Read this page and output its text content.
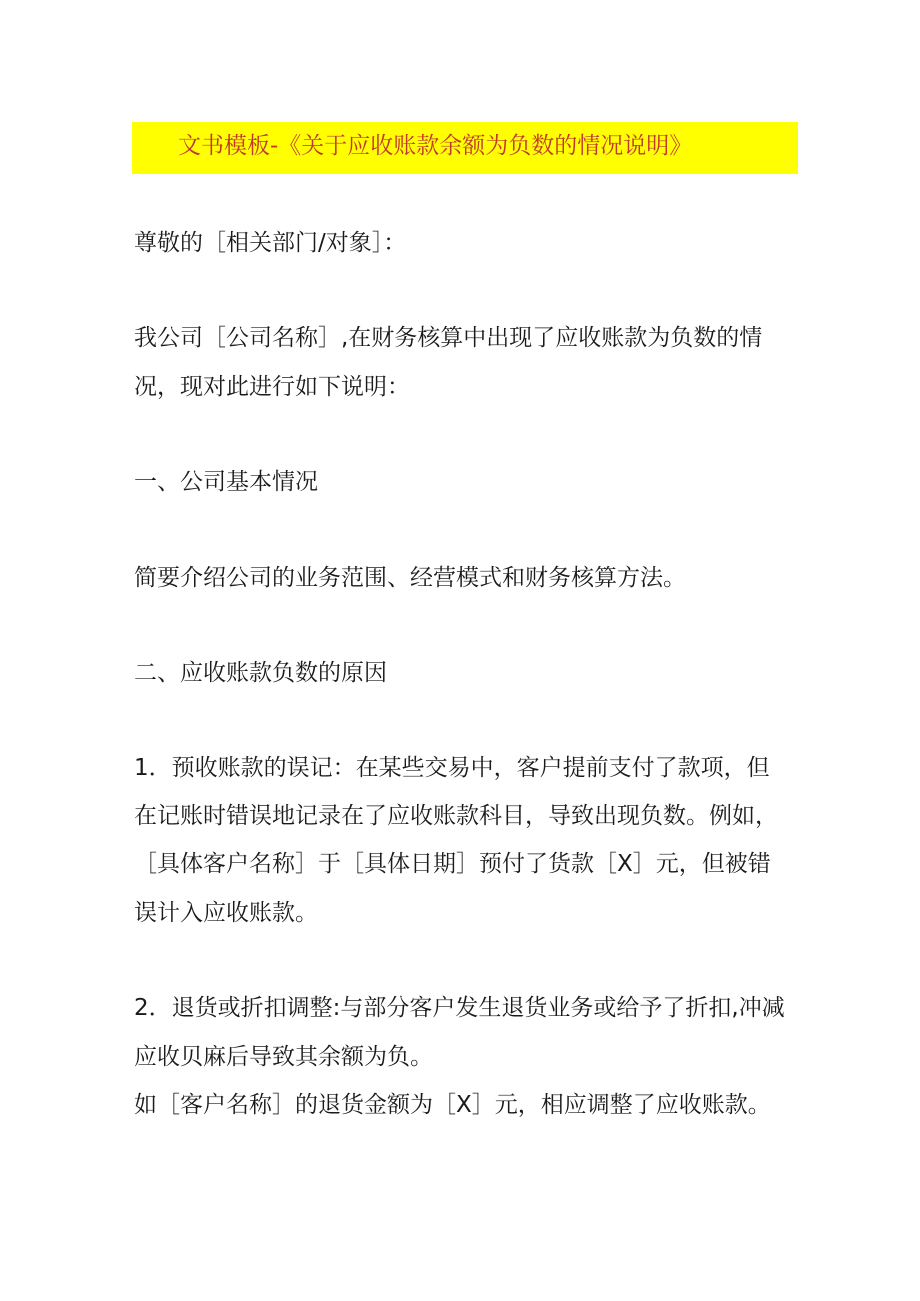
文书模板-《关于应收账款余额为负数的情况说明》
尊敬的［相关部门/对象］：
我公司［公司名称］,在财务核算中出现了应收账款为负数的情
况，现对此进行如下说明：
一、公司基本情况
简要介绍公司的业务范围、经营模式和财务核算方法。
二、应收账款负数的原因
1．预收账款的误记：在某些交易中，客户提前支付了款项，但
在记账时错误地记录在了应收账款科目，导致出现负数。例如，
［具体客户名称］于［具体日期］预付了货款［X］元，但被错
误计入应收账款。
2．退货或折扣调整:与部分客户发生退货业务或给予了折扣,冲减
应收贝麻后导致其余额为负。
如［客户名称］的退货金额为［X］元，相应调整了应收账款。
